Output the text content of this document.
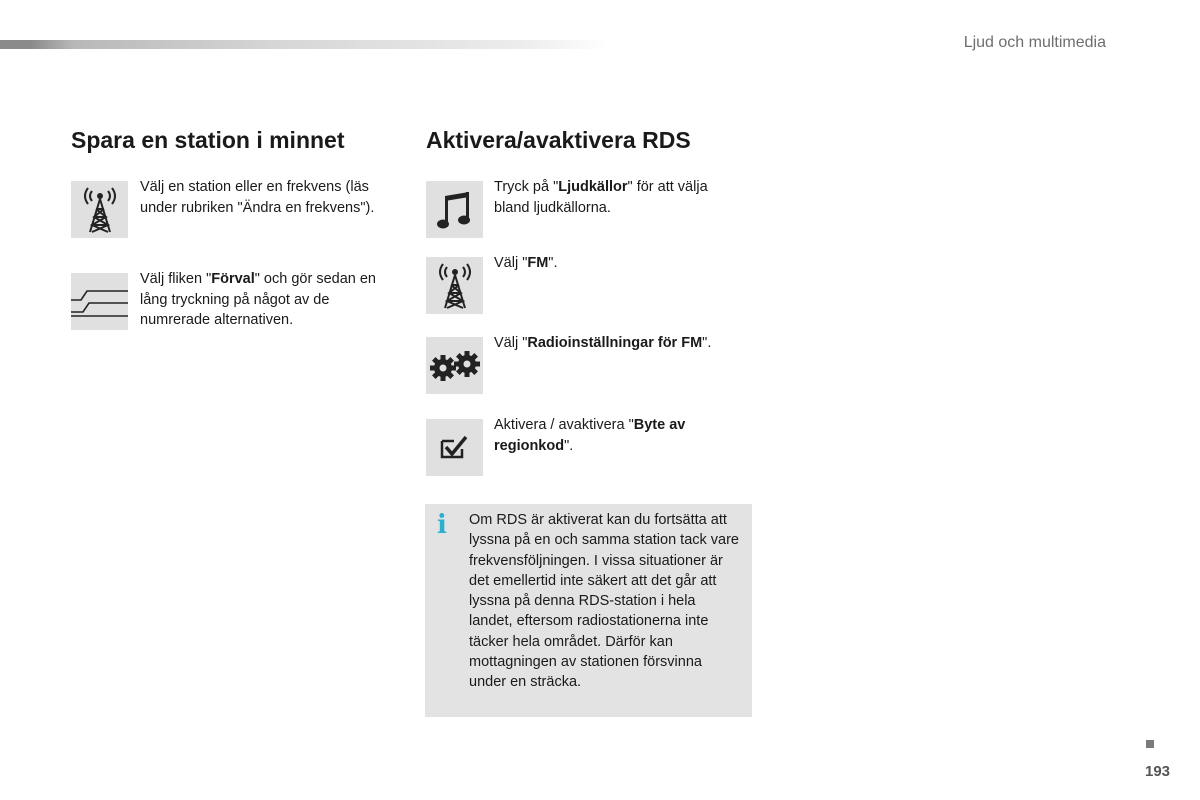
Ljud och multimedia
Spara en station i minnet
Välj en station eller en frekvens (läs under rubriken "Ändra en frekvens").
Välj fliken "Förval" och gör sedan en lång tryckning på något av de numrerade alternativen.
Aktivera/avaktivera RDS
Tryck på "Ljudkällor" för att välja bland ljudkällorna.
Välj "FM".
Välj "Radioinställningar för FM".
Aktivera / avaktivera "Byte av regionkod".
i Om RDS är aktiverat kan du fortsätta att lyssna på en och samma station tack vare frekvensföljningen. I vissa situationer är det emellertid inte säkert att det går att lyssna på denna RDS-station i hela landet, eftersom radiostationerna inte täcker hela området. Därför kan mottagningen av stationen försvinna under en sträcka.
193
